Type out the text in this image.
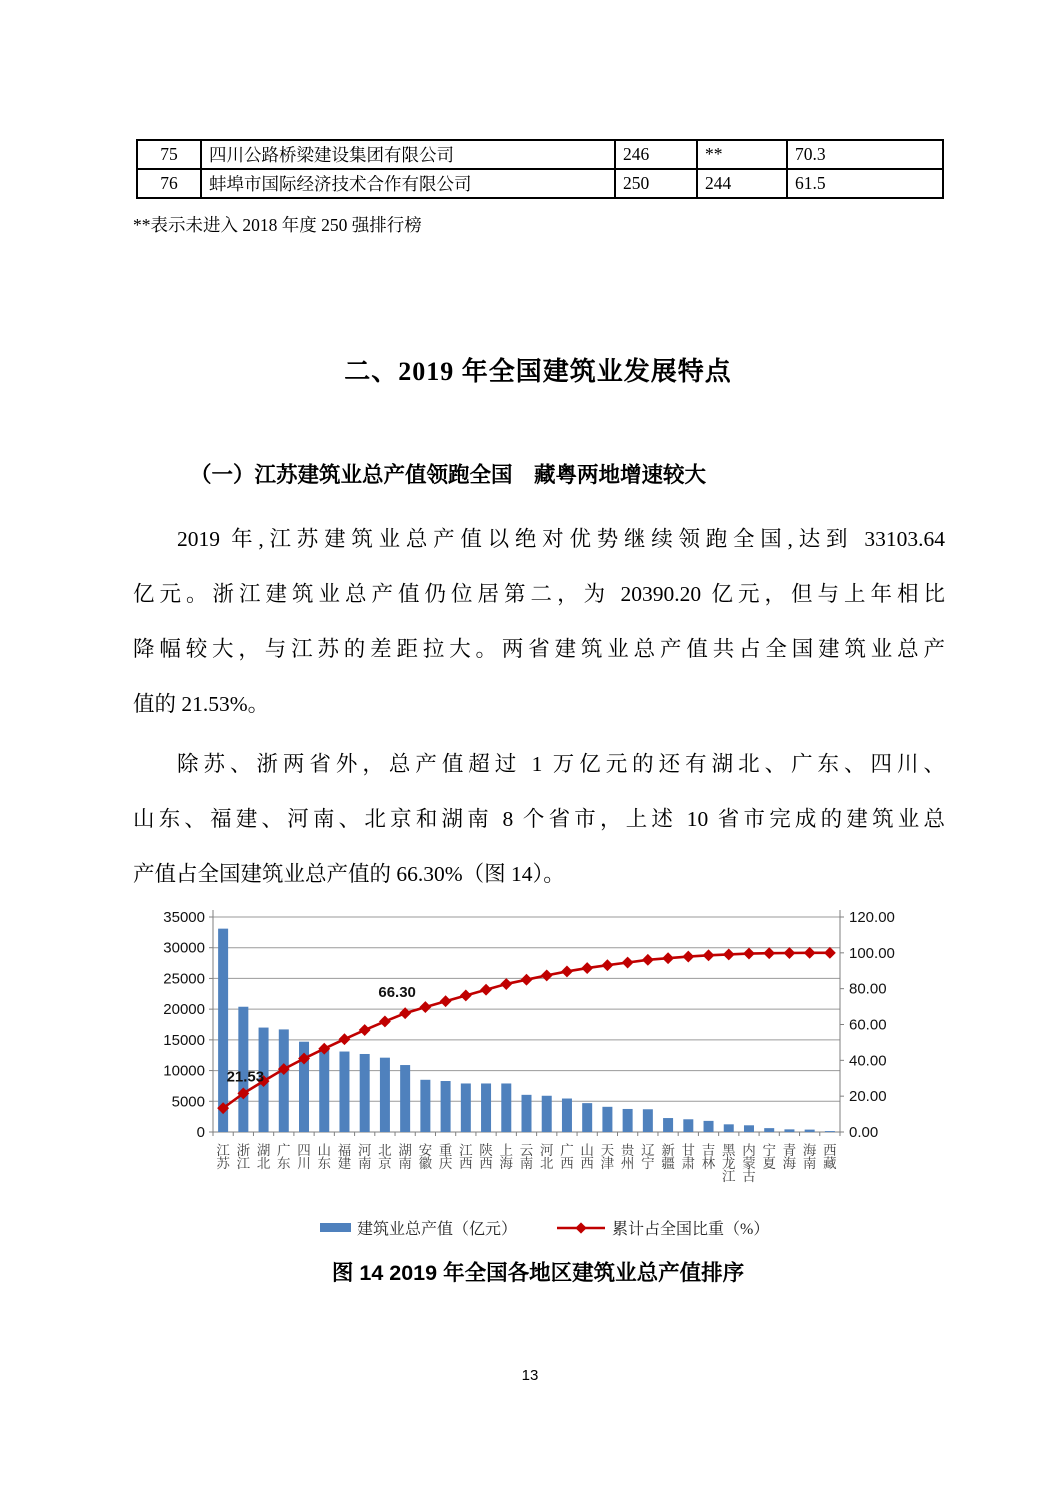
75	四川公路桥梁建设集团有限公司	246	**	70.3
76	蚌埠市国际经济技术合作有限公司	250	244	61.5
**表示未进入 2018 年度 250 强排行榜
二、2019 年全国建筑业发展特点
（一）江苏建筑业总产值领跑全国　藏粤两地增速较大
2019 年,江苏建筑业总产值以绝对优势继续领跑全国,达到 33103.64
亿元。浙江建筑业总产值仍位居第二，为 20390.20 亿元，但与上年相比
降幅较大，与江苏的差距拉大。两省建筑业总产值共占全国建筑业总产
值的 21.53%。
除苏、浙两省外，总产值超过 1 万亿元的还有湖北、广东、四川、
山东、福建、河南、北京和湖南 8 个省市，上述 10 省市完成的建筑业总
产值占全国建筑业总产值的 66.30%（图 14）。
0
5000
10000
15000
20000
25000
30000
35000
0.00
20.00
40.00
60.00
80.00
100.00
120.00
江苏
浙江
湖北
广东
四川
山东
福建
河南
北京
湖南
安徽
重庆
江西
陕西
上海
云南
河北
广西
山西
天津
贵州
辽宁
新疆
甘肃
吉林
黑龙江
内蒙古
宁夏
青海
海南
西藏
21.53
66.30
建筑业总产值（亿元）	累计占全国比重（%）
图 14 2019 年全国各地区建筑业总产值排序
13
